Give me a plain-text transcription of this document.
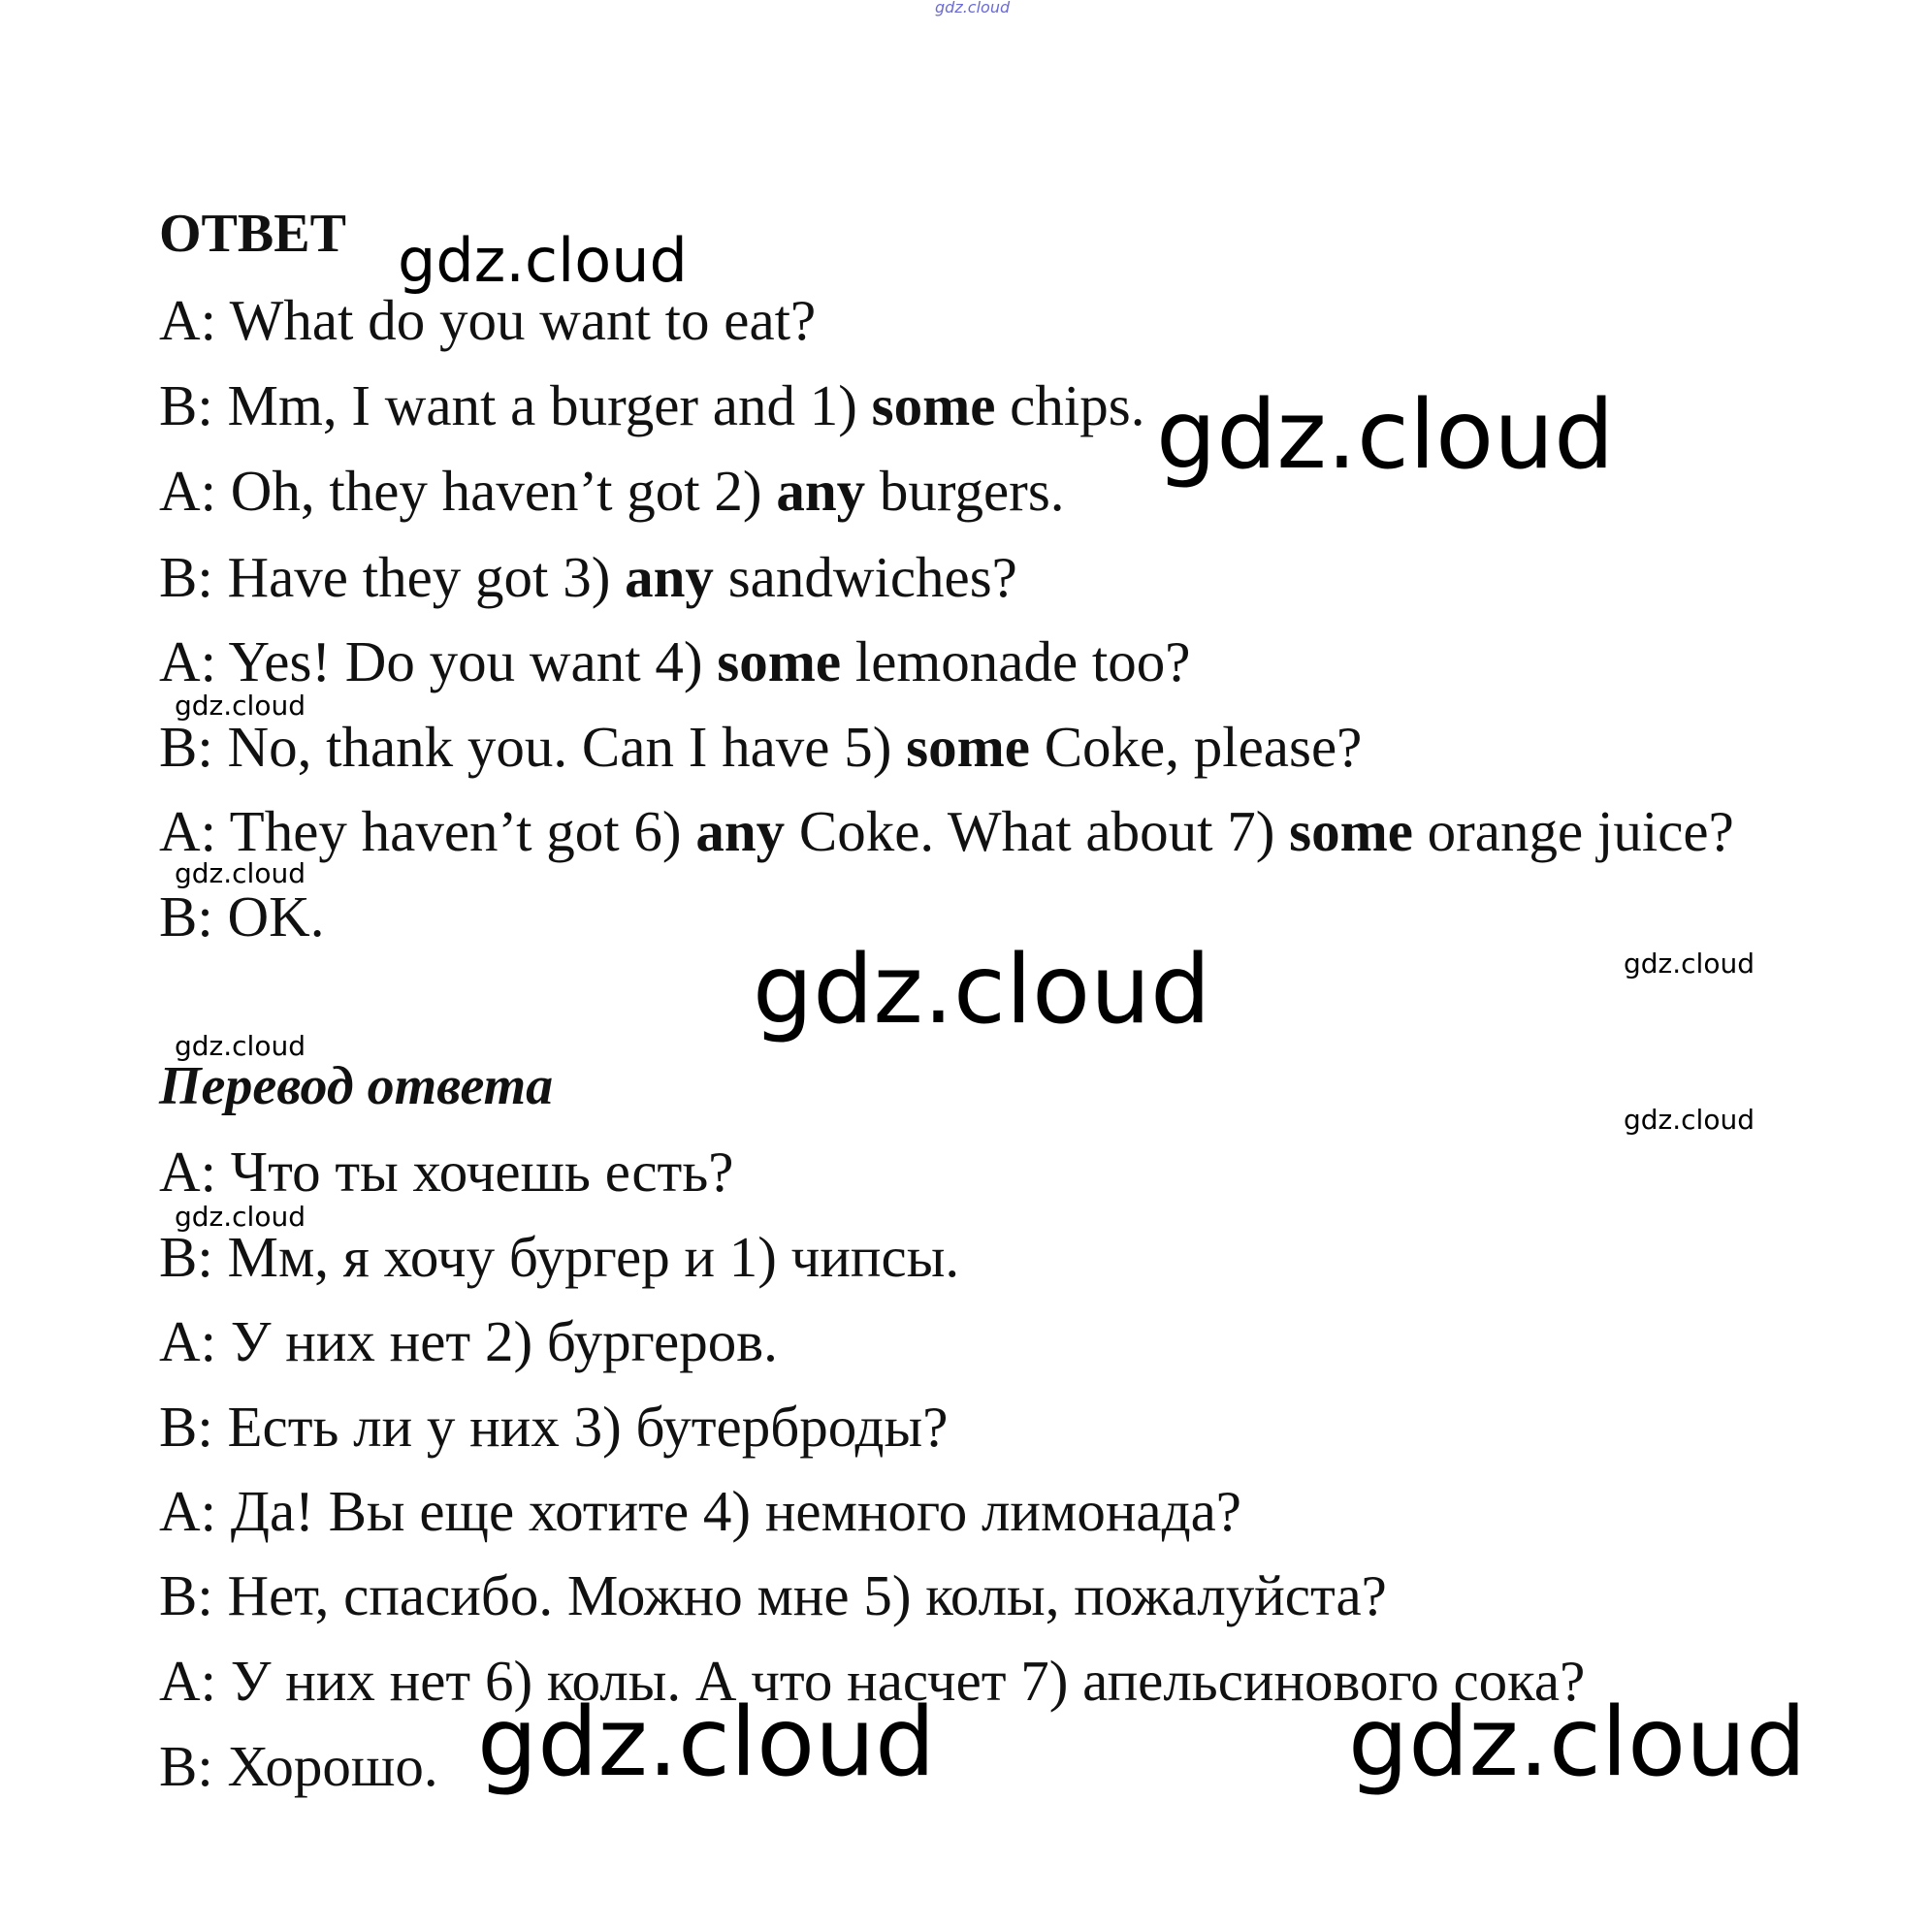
ОТВЕТ

A: What do you want to eat?

B: Mm, I want a burger and 1) some chips.

A: Oh, they haven’t got 2) any burgers.

B: Have they got 3) any sandwiches?

A: Yes! Do you want 4) some lemonade too?

B: No, thank you. Can I have 5) some Coke, please?

A: They haven’t got 6) any Coke. What about 7) some orange juice?

B: OK.

Перевод ответа

A: Что ты хочешь есть?

B: Мм, я хочу бургер и 1) чипсы.

A: У них нет 2) бургеров.

B: Есть ли у них 3) бутерброды?

A: Да! Вы еще хотите 4) немного лимонада?

B: Нет, спасибо. Можно мне 5) колы, пожалуйста?

A: У них нет 6) колы. А что насчет 7) апельсинового сока?

B: Хорошо.

gdz.cloud
gdz.cloud
gdz.cloud
gdz.cloud
gdz.cloud
gdz.cloud	gdz.cloud
gdz.cloud
gdz.cloud
gdz.cloud
gdz.cloud	gdz.cloud
